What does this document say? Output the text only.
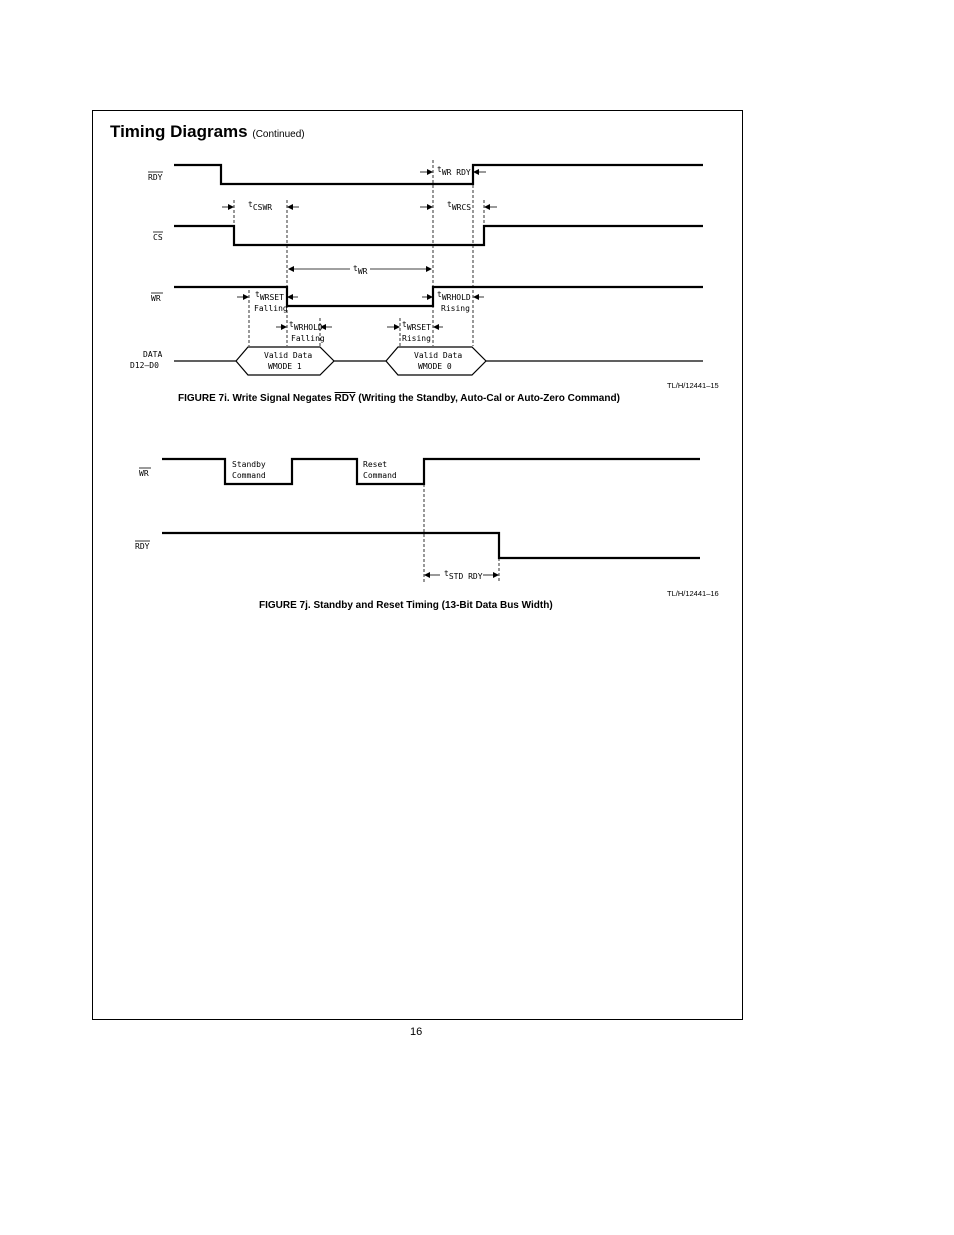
Timing Diagrams (Continued)
RDY
CS
WR
DATA
D12–D0
Valid Data
WMODE 1
Valid Data
WMODE 0
tWR RDY
tCSWR	tWRCS
tWR
tWRSET
Falling
tWRHOLD
Rising
tWRHOLD
Falling
tWRSET
Rising
WR
RDY
Standby
Command
Reset
Command
tSTD RDY
TL/H/12441–15
FIGURE 7i. Write Signal Negates $\overline{RDY}$ (Writing the Standby, Auto-Cal or Auto-Zero Command)
TL/H/12441–16
FIGURE 7j. Standby and Reset Timing (13-Bit Data Bus Width)
16
